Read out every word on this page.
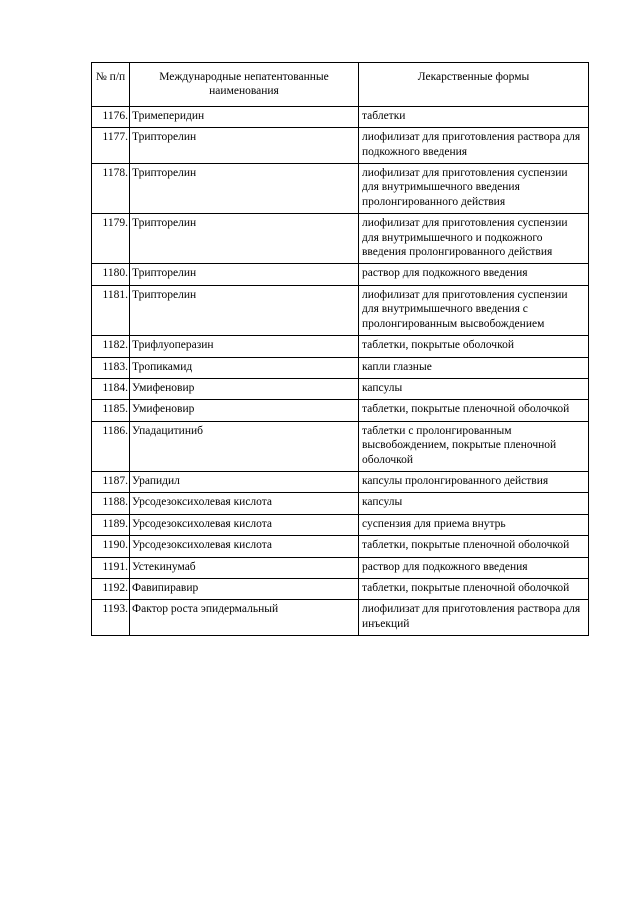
№ п/п	Международные непатентованные наименования	Лекарственные формы
1176.	Тримеперидин	таблетки
1177.	Трипторелин	лиофилизат для приготовления раствора для подкожного введения
1178.	Трипторелин	лиофилизат для приготовления суспензии для внутримышечного введения пролонгированного действия
1179.	Трипторелин	лиофилизат для приготовления суспензии для внутримышечного и подкожного введения пролонгированного действия
1180.	Трипторелин	раствор для подкожного введения
1181.	Трипторелин	лиофилизат для приготовления суспензии для внутримышечного введения с пролонгированным высвобождением
1182.	Трифлуоперазин	таблетки, покрытые оболочкой
1183.	Тропикамид	капли глазные
1184.	Умифеновир	капсулы
1185.	Умифеновир	таблетки, покрытые пленочной оболочкой
1186.	Упадацитиниб	таблетки с пролонгированным высвобождением, покрытые пленочной оболочкой
1187.	Урапидил	капсулы пролонгированного действия
1188.	Урсодезоксихолевая кислота	капсулы
1189.	Урсодезоксихолевая кислота	суспензия для приема внутрь
1190.	Урсодезоксихолевая кислота	таблетки, покрытые пленочной оболочкой
1191.	Устекинумаб	раствор для подкожного введения
1192.	Фавипиравир	таблетки, покрытые пленочной оболочкой
1193.	Фактор роста эпидермальный	лиофилизат для приготовления раствора для инъекций
